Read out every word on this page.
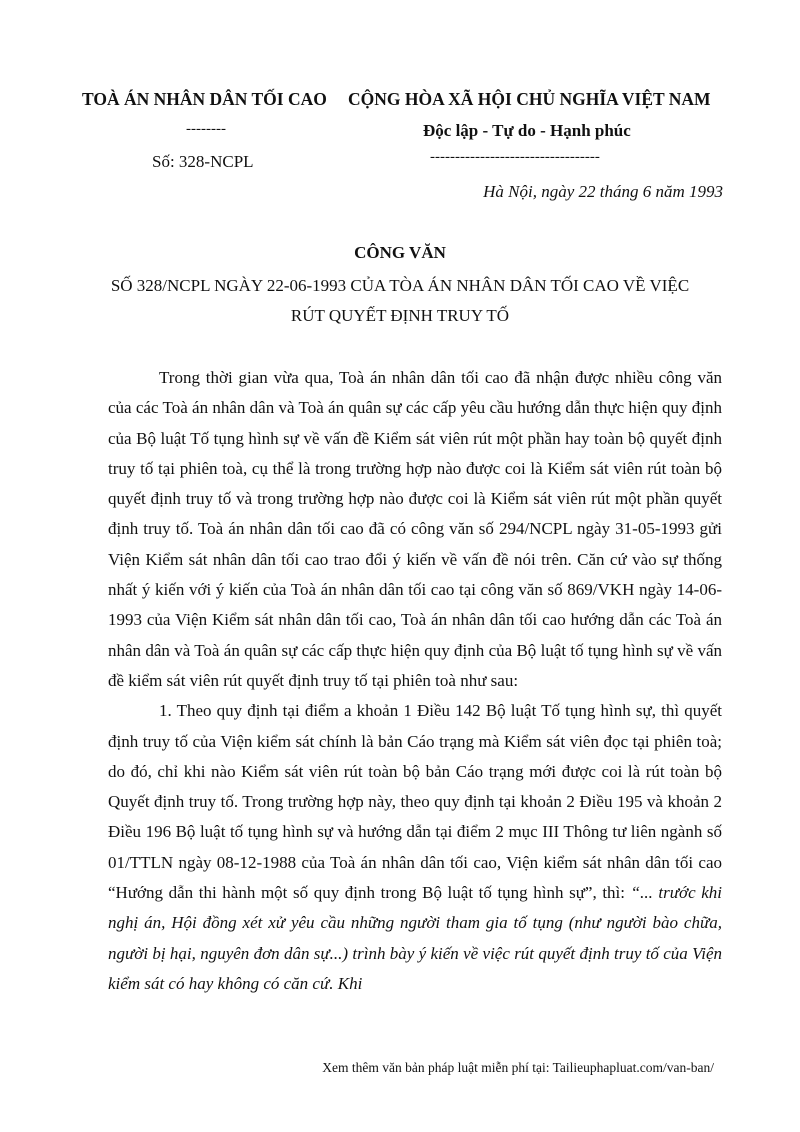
TOÀ ÁN NHÂN DÂN TỐI CAO CỘNG HÒA XÃ HỘI CHỦ NGHĨA VIỆT NAM
--------	Độc lập - Tự do - Hạnh phúc
Số: 328-NCPL	----------------------------------
Hà Nội, ngày 22 tháng 6 năm 1993
CÔNG VĂN
SỐ 328/NCPL NGÀY 22-06-1993 CỦA TÒA ÁN NHÂN DÂN TỐI CAO VỀ VIỆC RÚT QUYẾT ĐỊNH TRUY TỐ

Trong thời gian vừa qua, Toà án nhân dân tối cao đã nhận được nhiều công văn của các Toà án nhân dân và Toà án quân sự các cấp yêu cầu hướng dẫn thực hiện quy định của Bộ luật Tố tụng hình sự về vấn đề Kiểm sát viên rút một phần hay toàn bộ quyết định truy tố tại phiên toà, cụ thể là trong trường hợp nào được coi là Kiểm sát viên rút toàn bộ quyết định truy tố và trong trường hợp nào được coi là Kiểm sát viên rút một phần quyết định truy tố. Toà án nhân dân tối cao đã có công văn số 294/NCPL ngày 31-05-1993 gửi Viện Kiểm sát nhân dân tối cao trao đổi ý kiến về vấn đề nói trên. Căn cứ vào sự thống nhất ý kiến với ý kiến của Toà án nhân dân tối cao tại công văn số 869/VKH ngày 14-06-1993 của Viện Kiểm sát nhân dân tối cao, Toà án nhân dân tối cao hướng dẫn các Toà án nhân dân và Toà án quân sự các cấp thực hiện quy định của Bộ luật tố tụng hình sự về vấn đề kiểm sát viên rút quyết định truy tố tại phiên toà như sau:

1. Theo quy định tại điểm a khoản 1 Điều 142 Bộ luật Tố tụng hình sự, thì quyết định truy tố của Viện kiểm sát chính là bản Cáo trạng mà Kiểm sát viên đọc tại phiên toà; do đó, chỉ khi nào Kiểm sát viên rút toàn bộ bản Cáo trạng mới được coi là rút toàn bộ Quyết định truy tố. Trong trường hợp này, theo quy định tại khoản 2 Điều 195 và khoản 2 Điều 196 Bộ luật tố tụng hình sự và hướng dẫn tại điểm 2 mục III Thông tư liên ngành số 01/TTLN ngày 08-12-1988 của Toà án nhân dân tối cao, Viện kiểm sát nhân dân tối cao “Hướng dẫn thi hành một số quy định trong Bộ luật tố tụng hình sự”, thì: “... trước khi nghị án, Hội đồng xét xử yêu cầu những người tham gia tố tụng (như người bào chữa, người bị hại, nguyên đơn dân sự...) trình bày ý kiến về việc rút quyết định truy tố của Viện kiểm sát có hay không có căn cứ. Khi

Xem thêm văn bản pháp luật miễn phí tại: Tailieuphapluat.com/van-ban/
